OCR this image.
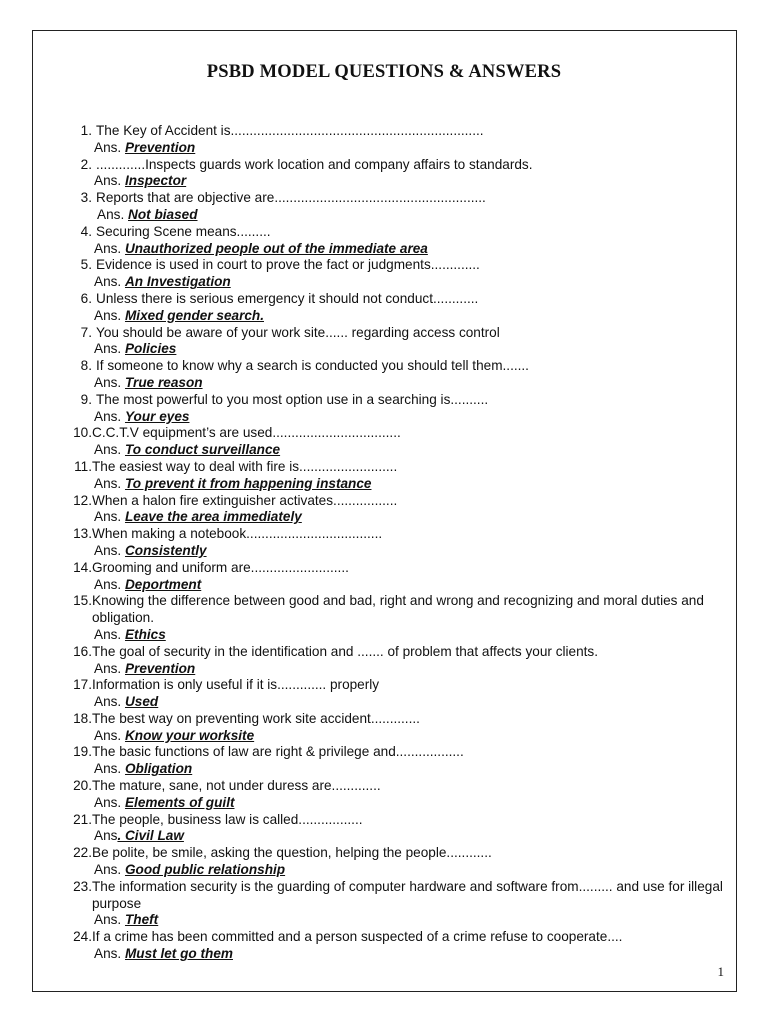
PSBD MODEL QUESTIONS & ANSWERS
1. The Key of Accident is...................................................................
Ans. Prevention
2. .............Inspects guards work location and company affairs to standards.
Ans. Inspector
3. Reports that are objective are........................................................
Ans. Not biased
4. Securing Scene means.........
Ans. Unauthorized people out of the immediate area
5. Evidence is used in court to prove the fact or judgments.............
Ans. An Investigation
6. Unless there is serious emergency it should not conduct............
Ans. Mixed gender search.
7. You should be aware of your work site...... regarding access control
Ans. Policies
8. If someone to know why a search is conducted you should tell them.......
Ans. True reason
9. The most powerful to you most option use in a searching is..........
Ans. Your eyes
10. C.C.T.V equipment’s are used..................................
Ans. To conduct surveillance
11. The easiest way to deal with fire is..........................
Ans. To prevent it from happening instance
12. When a halon fire extinguisher activates.................
Ans. Leave the area immediately
13. When making a notebook....................................
Ans. Consistently
14. Grooming and uniform are..........................
Ans. Deportment
15. Knowing the difference between good and bad, right and wrong and recognizing and moral duties and obligation.
Ans. Ethics
16. The goal of security in the identification and ....... of problem that affects your clients.
Ans. Prevention
17. Information is only useful if it is............. properly
Ans. Used
18. The best way on preventing work site accident.............
Ans. Know your worksite
19. The basic functions of law are right & privilege and..................
Ans. Obligation
20. The mature, sane, not under duress are.............
Ans. Elements of guilt
21. The people, business law is called.................
Ans. Civil Law
22. Be polite, be smile, asking the question, helping the people............
Ans. Good public relationship
23. The information security is the guarding of computer hardware and software from......... and use for illegal purpose
Ans. Theft
24. If a crime has been committed and a person suspected of a crime refuse to cooperate....
Ans. Must let go them
1
